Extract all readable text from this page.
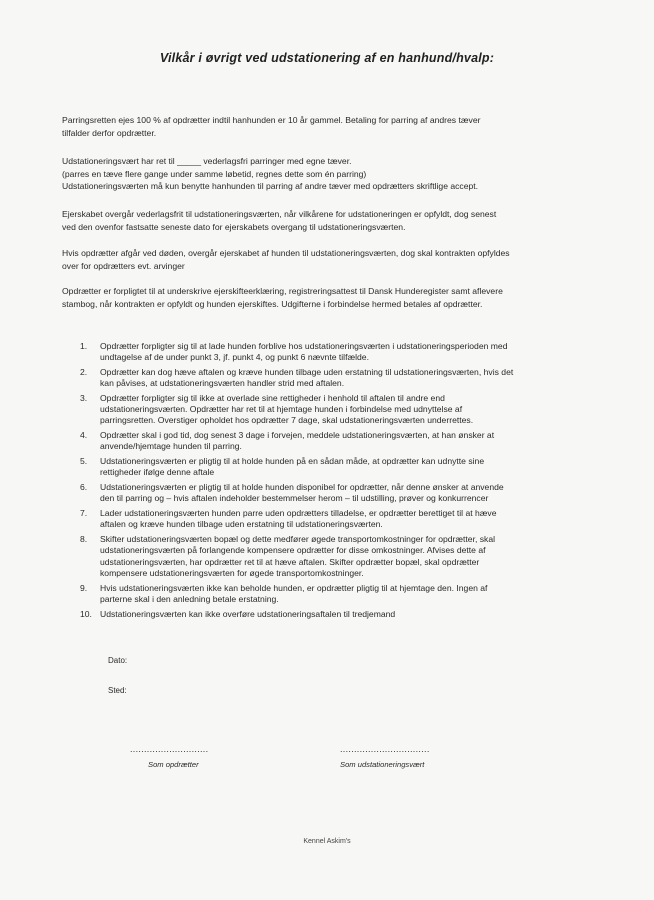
Vilkår i øvrigt ved udstationering af en hanhund/hvalp:

Parringsretten ejes 100 % af opdrætter indtil hanhunden er 10 år gammel. Betaling for parring af andres tæver
tilfalder derfor opdrætter.

Udstationeringsvært har ret til _____ vederlagsfri parringer med egne tæver.
(parres en tæve flere gange under samme løbetid, regnes dette som én parring)
Udstationeringsværten må kun benytte hanhunden til parring af andre tæver med opdrætters skriftlige accept.

Ejerskabet overgår vederlagsfrit til udstationeringsværten, når vilkårene for udstationeringen er opfyldt, dog senest
ved den ovenfor fastsatte seneste dato for ejerskabets overgang til udstationeringsværten.

Hvis opdrætter afgår ved døden, overgår ejerskabet af hunden til udstationeringsværten, dog skal kontrakten opfyldes
over for opdrætters evt. arvinger

Opdrætter er forpligtet til at underskrive ejerskifteerklæring, registreringsattest til Dansk Hunderegister samt aflevere
stambog, når kontrakten er opfyldt og hunden ejerskiftes. Udgifterne i forbindelse hermed betales af opdrætter.

1. Opdrætter forpligter sig til at lade hunden forblive hos udstationeringsværten i udstationeringsperioden med
undtagelse af de under punkt 3, jf. punkt 4, og punkt 6 nævnte tilfælde.
2. Opdrætter kan dog hæve aftalen og kræve hunden tilbage uden erstatning til udstationeringsværten, hvis det
kan påvises, at udstationeringsværten handler strid med aftalen.
3. Opdrætter forpligter sig til ikke at overlade sine rettigheder i henhold til aftalen til andre end
udstationeringsværten. Opdrætter har ret til at hjemtage hunden i forbindelse med udnyttelse af
parringsretten. Overstiger opholdet hos opdrætter 7 dage, skal udstationeringsværten underrettes.
4. Opdrætter skal i god tid, dog senest 3 dage i forvejen, meddele udstationeringsværten, at han ønsker at
anvende/hjemtage hunden til parring.
5. Udstationeringsværten er pligtig til at holde hunden på en sådan måde, at opdrætter kan udnytte sine
rettigheder ifølge denne aftale
6. Udstationeringsværten er pligtig til at holde hunden disponibel for opdrætter, når denne ønsker at anvende
den til parring og – hvis aftalen indeholder bestemmelser herom – til udstilling, prøver og konkurrencer
7. Lader udstationeringsværten hunden parre uden opdrætters tilladelse, er opdrætter berettiget til at hæve
aftalen og kræve hunden tilbage uden erstatning til udstationeringsværten.
8. Skifter udstationeringsværten bopæl og dette medfører øgede transportomkostninger for opdrætter, skal
udstationeringsværten på forlangende kompensere opdrætter for disse omkostninger. Afvises dette af
udstationeringsværten, har opdrætter ret til at hæve aftalen. Skifter opdrætter bopæl, skal opdrætter
kompensere udstationeringsværten for øgede transportomkostninger.
9. Hvis udstationeringsværten ikke kan beholde hunden, er opdrætter pligtig til at hjemtage den. Ingen af
parterne skal i den anledning betale erstatning.
10. Udstationeringsværten kan ikke overføre udstationeringsaftalen til tredjemand
Dato:
Sted:
............................
Som opdrætter
................................
Som udstationeringsvært
Kennel Askim's
